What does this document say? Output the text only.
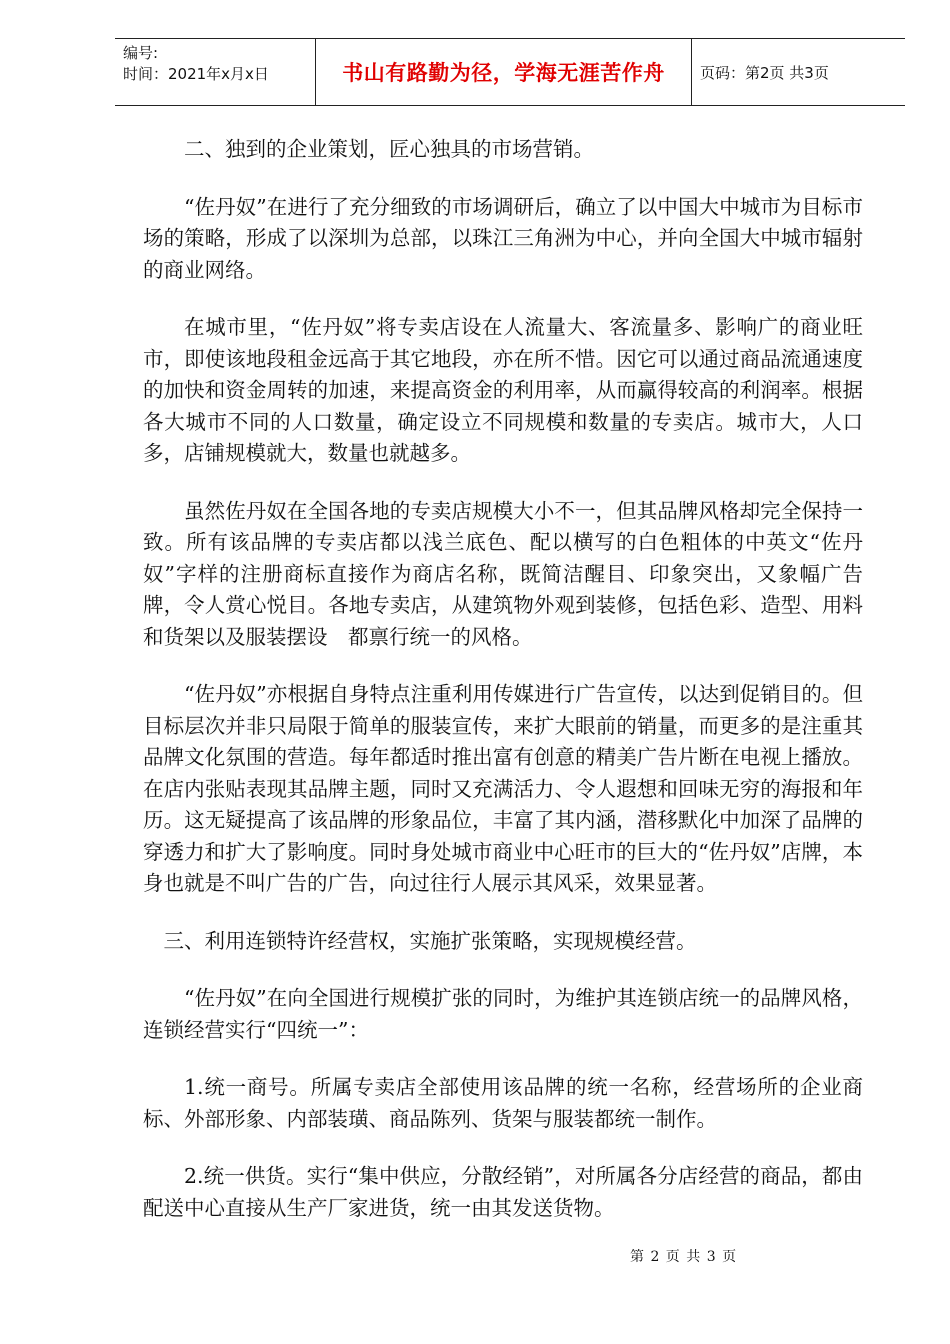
编号:
时间：2021年x月x日	书山有路勤为径，学海无涯苦作舟	页码：第2页 共3页

二、独到的企业策划，匠心独具的市场营销。

“佐丹奴”在进行了充分细致的市场调研后，确立了以中国大中城市为目标市场的策略，形成了以深圳为总部，以珠江三角洲为中心，并向全国大中城市辐射的商业网络。

在城市里，“佐丹奴”将专卖店设在人流量大、客流量多、影响广的商业旺市，即使该地段租金远高于其它地段，亦在所不惜。因它可以通过商品流通速度的加快和资金周转的加速，来提高资金的利用率，从而赢得较高的利润率。根据各大城市不同的人口数量，确定设立不同规模和数量的专卖店。城市大，人口多，店铺规模就大，数量也就越多。

虽然佐丹奴在全国各地的专卖店规模大小不一，但其品牌风格却完全保持一致。所有该品牌的专卖店都以浅兰底色、配以横写的白色粗体的中英文“佐丹奴”字样的注册商标直接作为商店名称，既简洁醒目、印象突出，又象幅广告牌，令人赏心悦目。各地专卖店，从建筑物外观到装修，包括色彩、造型、用料和货架以及服装摆设　都禀行统一的风格。

“佐丹奴”亦根据自身特点注重利用传媒进行广告宣传，以达到促销目的。但目标层次并非只局限于简单的服装宣传，来扩大眼前的销量，而更多的是注重其品牌文化氛围的营造。每年都适时推出富有创意的精美广告片断在电视上播放。在店内张贴表现其品牌主题，同时又充满活力、令人遐想和回味无穷的海报和年历。这无疑提高了该品牌的形象品位，丰富了其内涵，潜移默化中加深了品牌的穿透力和扩大了影响度。同时身处城市商业中心旺市的巨大的“佐丹奴”店牌，本身也就是不叫广告的广告，向过往行人展示其风采，效果显著。

三、利用连锁特许经营权，实施扩张策略，实现规模经营。

“佐丹奴”在向全国进行规模扩张的同时，为维护其连锁店统一的品牌风格，连锁经营实行“四统一”：

1.统一商号。所属专卖店全部使用该品牌的统一名称，经营场所的企业商标、外部形象、内部装璜、商品陈列、货架与服装都统一制作。

2.统一供货。实行“集中供应，分散经销”，对所属各分店经营的商品，都由配送中心直接从生产厂家进货，统一由其发送货物。

第 2 页 共 3 页
